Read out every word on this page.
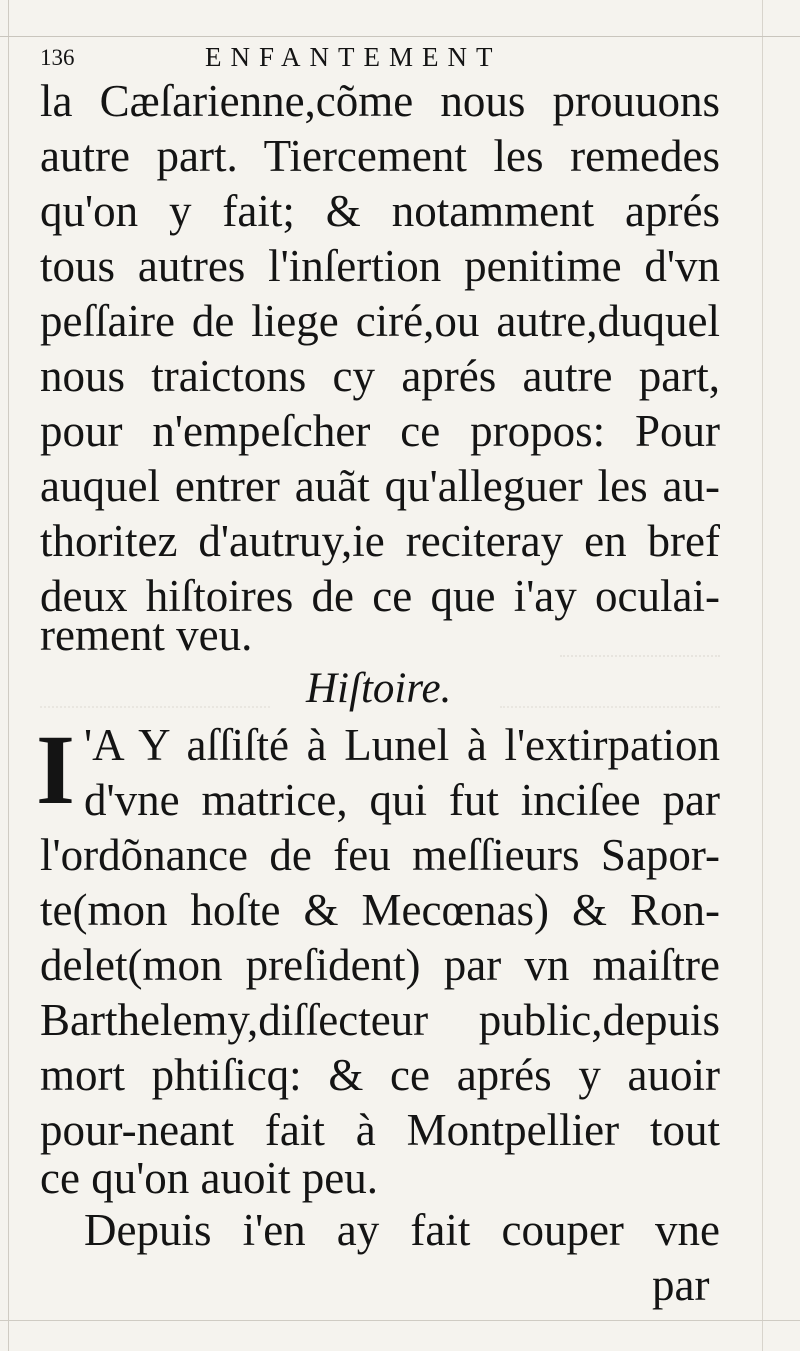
136	ENFANTEMENT
la Cæſarienne,cõme nous prouuons
autre part. Tiercement les remedes
qu'on y fait; & notamment aprés
tous autres l'inſertion penitime d'vn
peſſaire de liege ciré,ou autre,duquel
nous traictons cy aprés autre part,
pour n'empeſcher ce propos: Pour
auquel entrer auãt qu'alleguer les au-
thoritez d'autruy,ie reciteray en bref
deux hiſtoires de ce que i'ay oculai-
rement veu.
Hiſtoire.
I 'A Y aſſiſté à Lunel à l'extirpation
d'vne matrice, qui fut inciſee par
l'ordõnance de feu meſſieurs Sapor-
te(mon hoſte & Mecœnas) & Ron-
delet(mon preſident) par vn maiſtre
Barthelemy,diſſecteur public,depuis
mort phtiſicq: & ce aprés y auoir
pour-neant fait à Montpellier tout
ce qu'on auoit peu.
Depuis i'en ay fait couper vne
par
